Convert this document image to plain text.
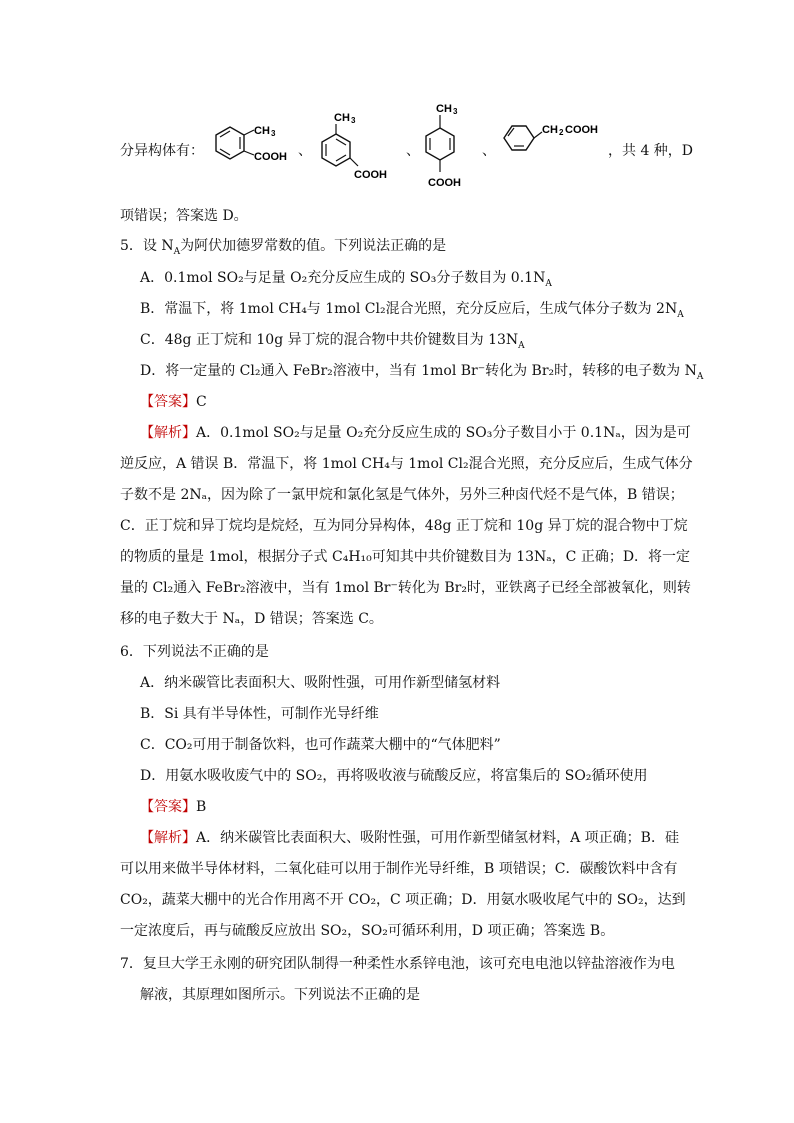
分异构体有：
CH 3
COOH 、
CH 3
COOH
、
CH 3
COOH
、
CH 2 COOH
，共 4 种，D
项错误；答案选 D。
5．设 $N_A$为阿伏加德罗常数的值。下列说法正确的是
A．0.1mol SO₂与足量 O₂充分反应生成的 SO₃分子数目为 $0.1N_A$
B．常温下，将 1mol CH₄与 1mol Cl₂混合光照，充分反应后，生成气体分子数为 $2N_A$
C．48g 正丁烷和 10g 异丁烷的混合物中共价键数目为 $13N_A$
D．将一定量的 Cl₂通入 FeBr₂溶液中，当有 1mol Br⁻转化为 Br₂时，转移的电子数为 $N_A$
【答案】C
【解析】A．0.1mol SO₂与足量 O₂充分反应生成的 SO₃分子数目小于 0.1Nₐ，因为是可
逆反应，A 错误 B．常温下，将 1mol CH₄与 1mol Cl₂混合光照，充分反应后，生成气体分
子数不是 2Nₐ，因为除了一氯甲烷和氯化氢是气体外，另外三种卤代烃不是气体，B 错误；
C．正丁烷和异丁烷均是烷烃，互为同分异构体，48g 正丁烷和 10g 异丁烷的混合物中丁烷
的物质的量是 1mol，根据分子式 C₄H₁₀可知其中共价键数目为 13Nₐ，C 正确；D．将一定
量的 Cl₂通入 FeBr₂溶液中，当有 1mol Br⁻转化为 Br₂时，亚铁离子已经全部被氧化，则转
移的电子数大于 Nₐ，D 错误；答案选 C。
6．下列说法不正确的是
A．纳米碳管比表面积大、吸附性强，可用作新型储氢材料
B．Si 具有半导体性，可制作光导纤维
C．CO₂可用于制备饮料，也可作蔬菜大棚中的“气体肥料”
D．用氨水吸收废气中的 SO₂，再将吸收液与硫酸反应，将富集后的 SO₂循环使用
【答案】B
【解析】A．纳米碳管比表面积大、吸附性强，可用作新型储氢材料，A 项正确；B．硅
可以用来做半导体材料，二氧化硅可以用于制作光导纤维，B 项错误；C．碳酸饮料中含有
CO₂，蔬菜大棚中的光合作用离不开 CO₂，C 项正确；D．用氨水吸收尾气中的 SO₂，达到
一定浓度后，再与硫酸反应放出 SO₂，SO₂可循环利用，D 项正确；答案选 B。
7．复旦大学王永刚的研究团队制得一种柔性水系锌电池，该可充电电池以锌盐溶液作为电
解液，其原理如图所示。下列说法不正确的是
